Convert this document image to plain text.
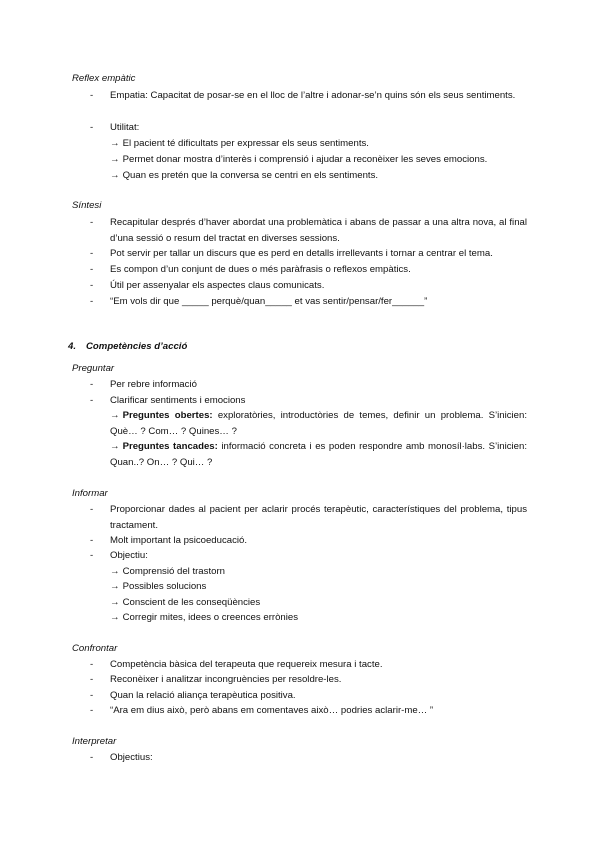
Reflex empàtic
- Empatia: Capacitat de posar-se en el lloc de l’altre i adonar-se’n quins són els seus sentiments.
- Utilitat:
→ El pacient té dificultats per expressar els seus sentiments.
→ Permet donar mostra d’interès i comprensió i ajudar a reconèixer les seves emocions.
→ Quan es pretén que la conversa se centri en els sentiments.
Síntesi
- Recapitular després d’haver abordat una problemàtica i abans de passar a una altra nova, al final d’una sessió o resum del tractat en diverses sessions.
- Pot servir per tallar un discurs que es perd en detalls irrellevants i tornar a centrar el tema.
- Es compon d’un conjunt de dues o més paràfrasis o reflexos empàtics.
- Útil per assenyalar els aspectes claus comunicats.
- “Em vols dir que _____ perquè/quan_____ et vas sentir/pensar/fer______”
4. Competències d’acció
Preguntar
- Per rebre informació
- Clarificar sentiments i emocions
→ Preguntes obertes: exploratòries, introductòries de temes, definir un problema. S’inicien: Què… ? Com… ? Quines… ?
→ Preguntes tancades: informació concreta i es poden respondre amb monosíl·labs. S’inicien: Quan..? On… ? Qui… ?
Informar
- Proporcionar dades al pacient per aclarir procés terapèutic, característiques del problema, tipus tractament.
- Molt important la psicoeducació.
- Objectiu:
→ Comprensió del trastorn
→ Possibles solucions
→ Conscient de les conseqüències
→ Corregir mites, idees o creences errònies
Confrontar
- Competència bàsica del terapeuta que requereix mesura i tacte.
- Reconèixer i analitzar incongruències per resoldre-les.
- Quan la relació aliança terapèutica positiva.
- “Ara em dius això, però abans em comentaves això… podries aclarir-me… ”
Interpretar
- Objectius:
